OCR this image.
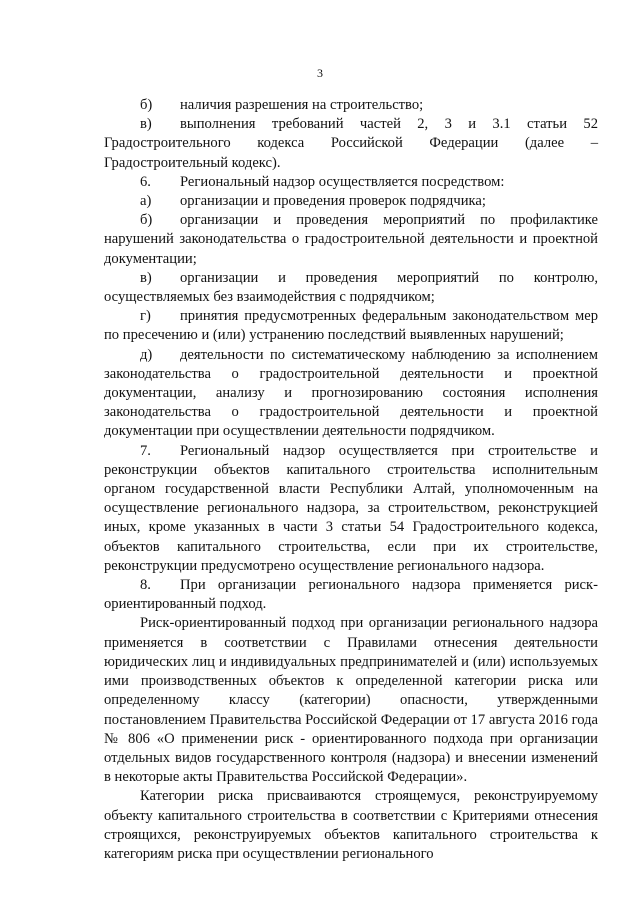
3
б) наличия разрешения на строительство;
в) выполнения требований частей 2, 3 и 3.1 статьи 52 Градостроительного кодекса Российской Федерации (далее – Градостроительный кодекс).
6. Региональный надзор осуществляется посредством:
а) организации и проведения проверок подрядчика;
б) организации и проведения мероприятий по профилактике нарушений законодательства о градостроительной деятельности и проектной документации;
в) организации и проведения мероприятий по контролю, осуществляемых без взаимодействия с подрядчиком;
г) принятия предусмотренных федеральным законодательством мер по пресечению и (или) устранению последствий выявленных нарушений;
д) деятельности по систематическому наблюдению за исполнением законодательства о градостроительной деятельности и проектной документации, анализу и прогнозированию состояния исполнения законодательства о градостроительной деятельности и проектной документации при осуществлении деятельности подрядчиком.
7. Региональный надзор осуществляется при строительстве и реконструкции объектов капитального строительства исполнительным органом государственной власти Республики Алтай, уполномоченным на осуществление регионального надзора, за строительством, реконструкцией иных, кроме указанных в части 3 статьи 54 Градостроительного кодекса, объектов капитального строительства, если при их строительстве, реконструкции предусмотрено осуществление регионального надзора.
8. При организации регионального надзора применяется риск-ориентированный подход.

Риск-ориентированный подход при организации регионального надзора применяется в соответствии с Правилами отнесения деятельности юридических лиц и индивидуальных предпринимателей и (или) используемых ими производственных объектов к определенной категории риска или определенному классу (категории) опасности, утвержденными постановлением Правительства Российской Федерации от 17 августа 2016 года № 806 «О применении риск - ориентированного подхода при организации отдельных видов государственного контроля (надзора) и внесении изменений в некоторые акты Правительства Российской Федерации».

Категории риска присваиваются строящемуся, реконструируемому объекту капитального строительства в соответствии с Критериями отнесения строящихся, реконструируемых объектов капитального строительства к категориям риска при осуществлении регионального
